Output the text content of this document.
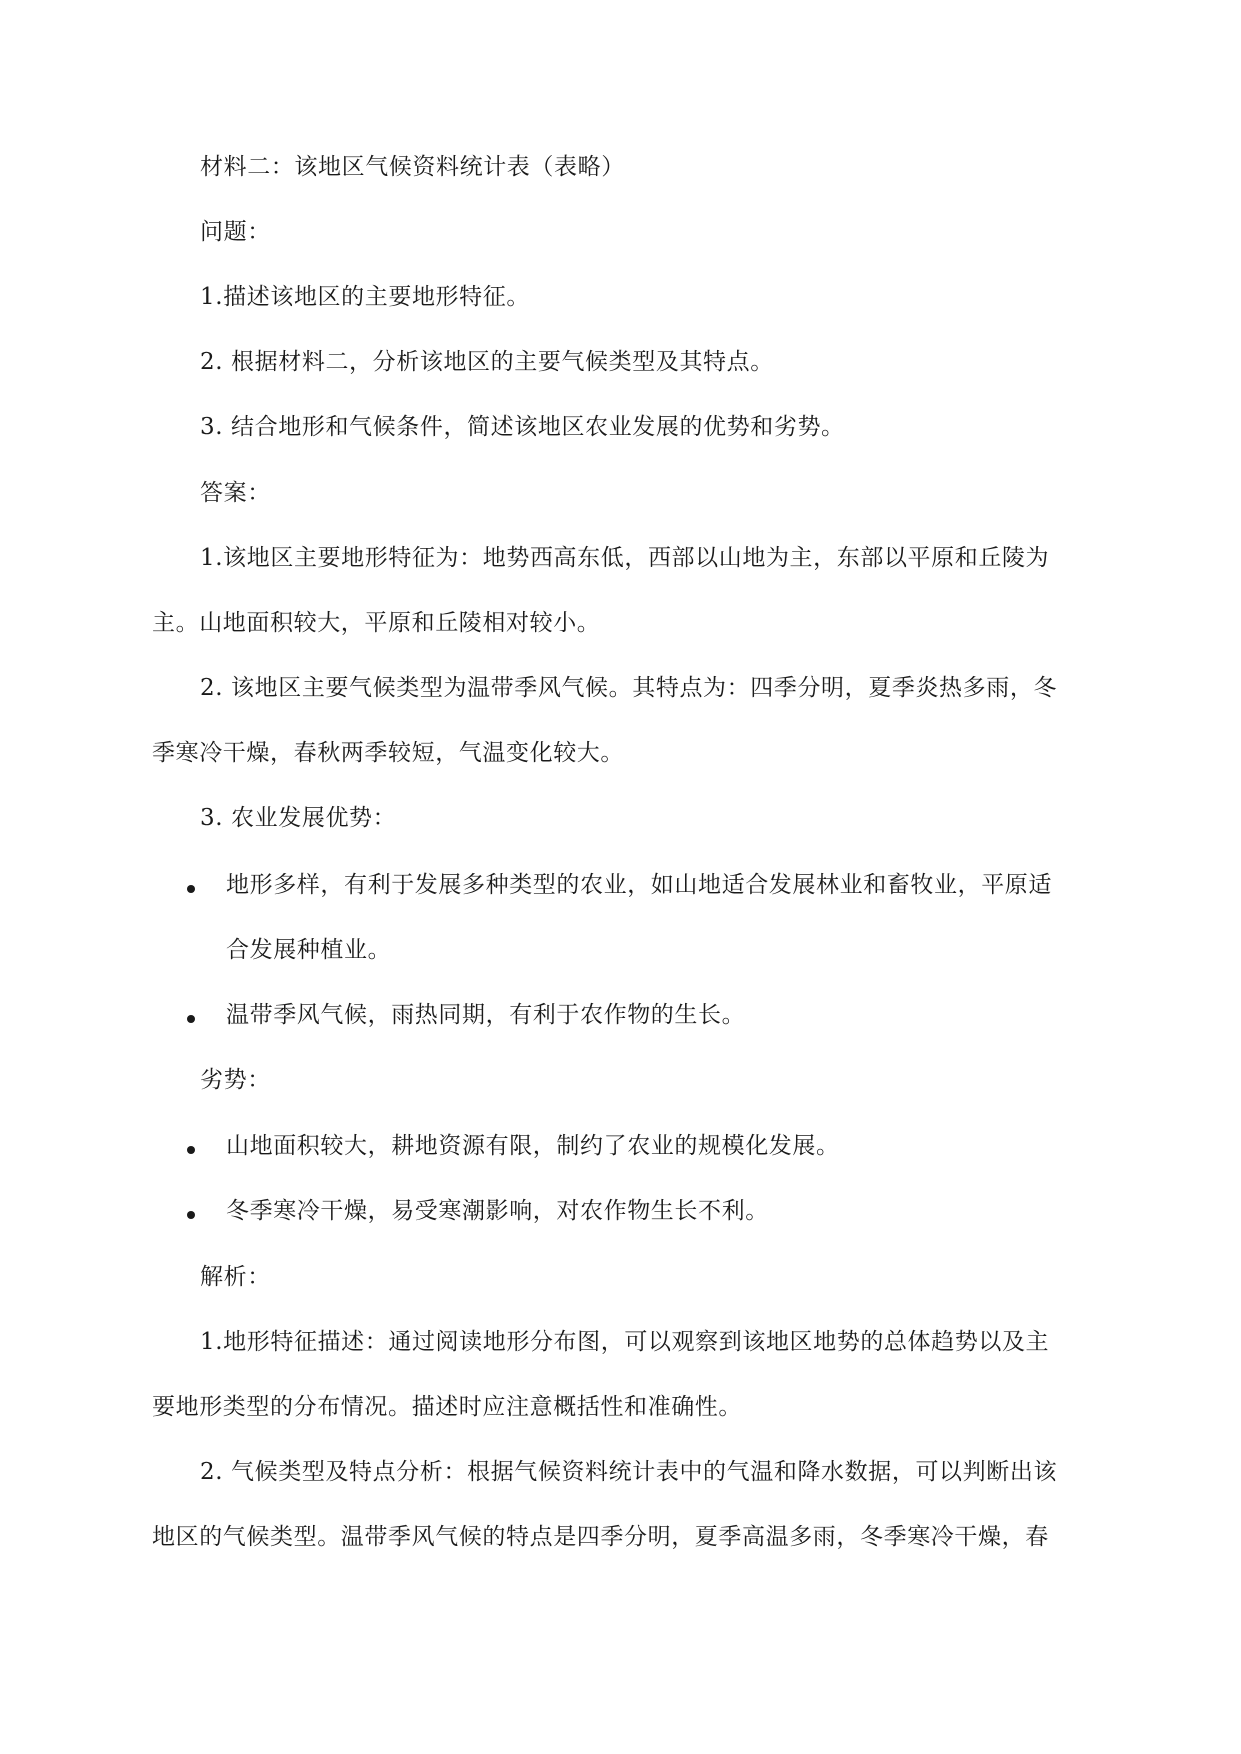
材料二：该地区气候资料统计表（表略）
问题：
1.描述该地区的主要地形特征。
2. 根据材料二，分析该地区的主要气候类型及其特点。
3. 结合地形和气候条件，简述该地区农业发展的优势和劣势。
答案：
1.该地区主要地形特征为：地势西高东低，西部以山地为主，东部以平原和丘陵为
主。山地面积较大，平原和丘陵相对较小。
2. 该地区主要气候类型为温带季风气候。其特点为：四季分明，夏季炎热多雨，冬
季寒冷干燥，春秋两季较短，气温变化较大。
3. 农业发展优势：
地形多样，有利于发展多种类型的农业，如山地适合发展林业和畜牧业，平原适
合发展种植业。
温带季风气候，雨热同期，有利于农作物的生长。
劣势：
山地面积较大，耕地资源有限，制约了农业的规模化发展。
冬季寒冷干燥，易受寒潮影响，对农作物生长不利。
解析：
1.地形特征描述：通过阅读地形分布图，可以观察到该地区地势的总体趋势以及主
要地形类型的分布情况。描述时应注意概括性和准确性。
2. 气候类型及特点分析：根据气候资料统计表中的气温和降水数据，可以判断出该
地区的气候类型。温带季风气候的特点是四季分明，夏季高温多雨，冬季寒冷干燥，春
